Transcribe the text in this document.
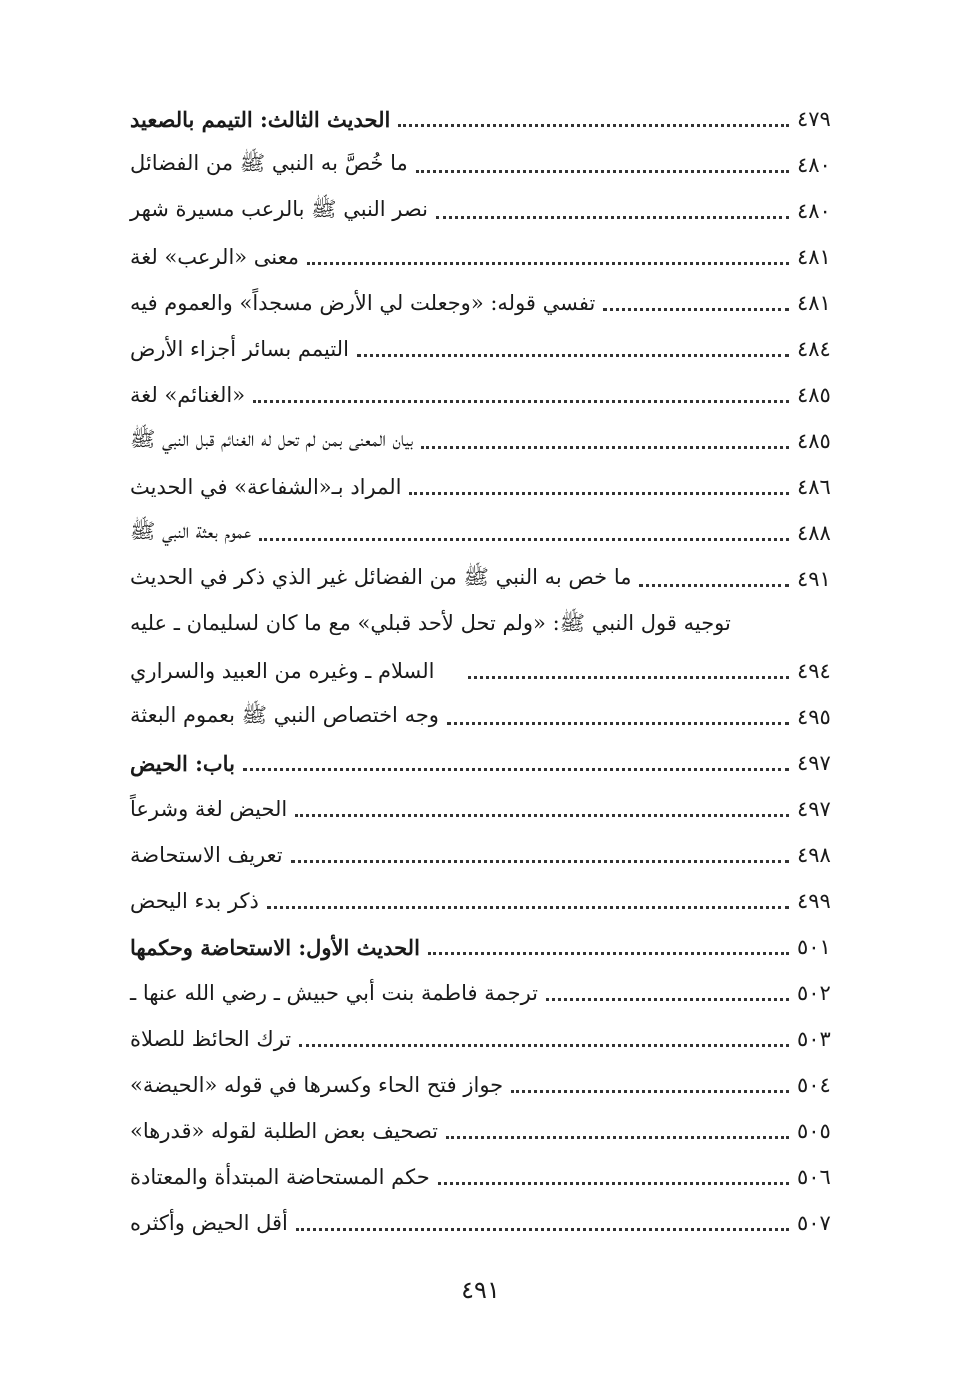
الحديث الثالث: التيمم بالصعيد	٤٧٩
ما خُصَّ به النبي ﷺ من الفضائل	٤٨٠
نصر النبي ﷺ بالرعب مسيرة شهر	٤٨٠
معنى «الرعب» لغة	٤٨١
تفسي قوله: «وجعلت لي الأرض مسجداً» والعموم فيه	٤٨١
التيمم بسائر أجزاء الأرض	٤٨٤
«الغنائم» لغة	٤٨٥
بيان المعنى بمن لم تحل له الغنائم قبل النبي ﷺ	٤٨٥
المراد بـ«الشفاعة» في الحديث	٤٨٦
عموم بعثة النبي ﷺ	٤٨٨
ما خص به النبي ﷺ من الفضائل غير الذي ذكر في الحديث	٤٩١
توجيه قول النبي ﷺ: «ولم تحل لأحد قبلي» مع ما كان لسليمان ـ عليه
السلام ـ وغيره من العبيد والسراري	٤٩٤
وجه اختصاص النبي ﷺ بعموم البعثة	٤٩٥
باب: الحيض	٤٩٧
الحيض لغة وشرعاً	٤٩٧
تعريف الاستحاضة	٤٩٨
ذكر بدء اليحض	٤٩٩
الحديث الأول: الاستحاضة وحكمها	٥٠١
ترجمة فاطمة بنت أبي حبيش ـ رضي الله عنها ـ	٥٠٢
ترك الحائظ للصلاة	٥٠٣
جواز فتح الحاء وكسرها في قوله «الحيضة»	٥٠٤
تصحيف بعض الطلبة لقوله «قدرها»	٥٠٥
حكم المستحاضة المبتدأة والمعتادة	٥٠٦
أقل الحيض وأكثره	٥٠٧
٤٩١
